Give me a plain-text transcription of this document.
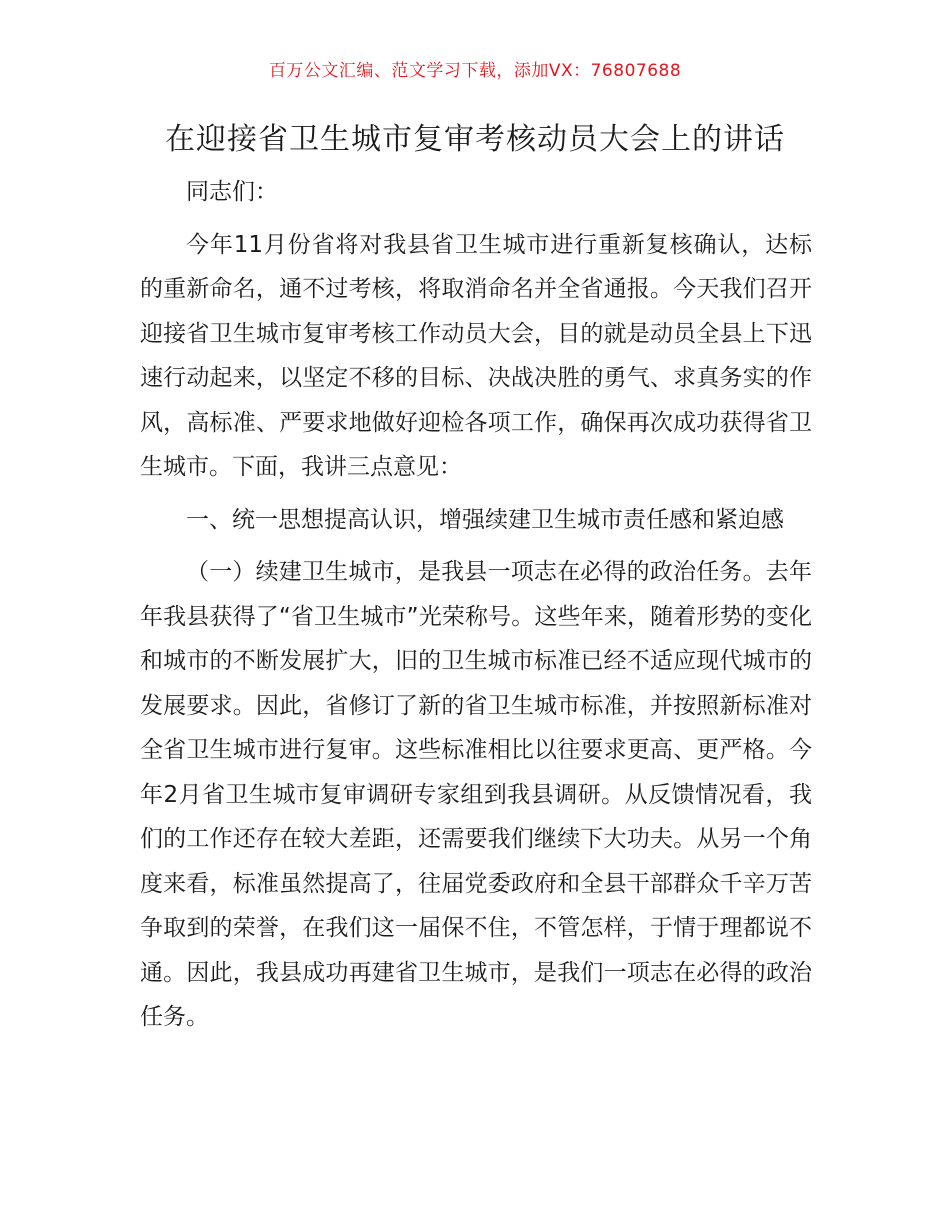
百万公文汇编、范文学习下载，添加VX：76807688
在迎接省卫生城市复审考核动员大会上的讲话

同志们：

今年11月份省将对我县省卫生城市进行重新复核确认，达标的重新命名，通不过考核，将取消命名并全省通报。今天我们召开迎接省卫生城市复审考核工作动员大会，目的就是动员全县上下迅速行动起来，以坚定不移的目标、决战决胜的勇气、求真务实的作风，高标准、严要求地做好迎检各项工作，确保再次成功获得省卫生城市。下面，我讲三点意见：

一、统一思想提高认识，增强续建卫生城市责任感和紧迫感

（一）续建卫生城市，是我县一项志在必得的政治任务。去年年我县获得了“省卫生城市”光荣称号。这些年来，随着形势的变化和城市的不断发展扩大，旧的卫生城市标准已经不适应现代城市的发展要求。因此，省修订了新的省卫生城市标准，并按照新标准对全省卫生城市进行复审。这些标准相比以往要求更高、更严格。今年2月省卫生城市复审调研专家组到我县调研。从反馈情况看，我们的工作还存在较大差距，还需要我们继续下大功夫。从另一个角度来看，标准虽然提高了，往届党委政府和全县干部群众千辛万苦争取到的荣誉，在我们这一届保不住，不管怎样，于情于理都说不通。因此，我县成功再建省卫生城市，是我们一项志在必得的政治任务。
